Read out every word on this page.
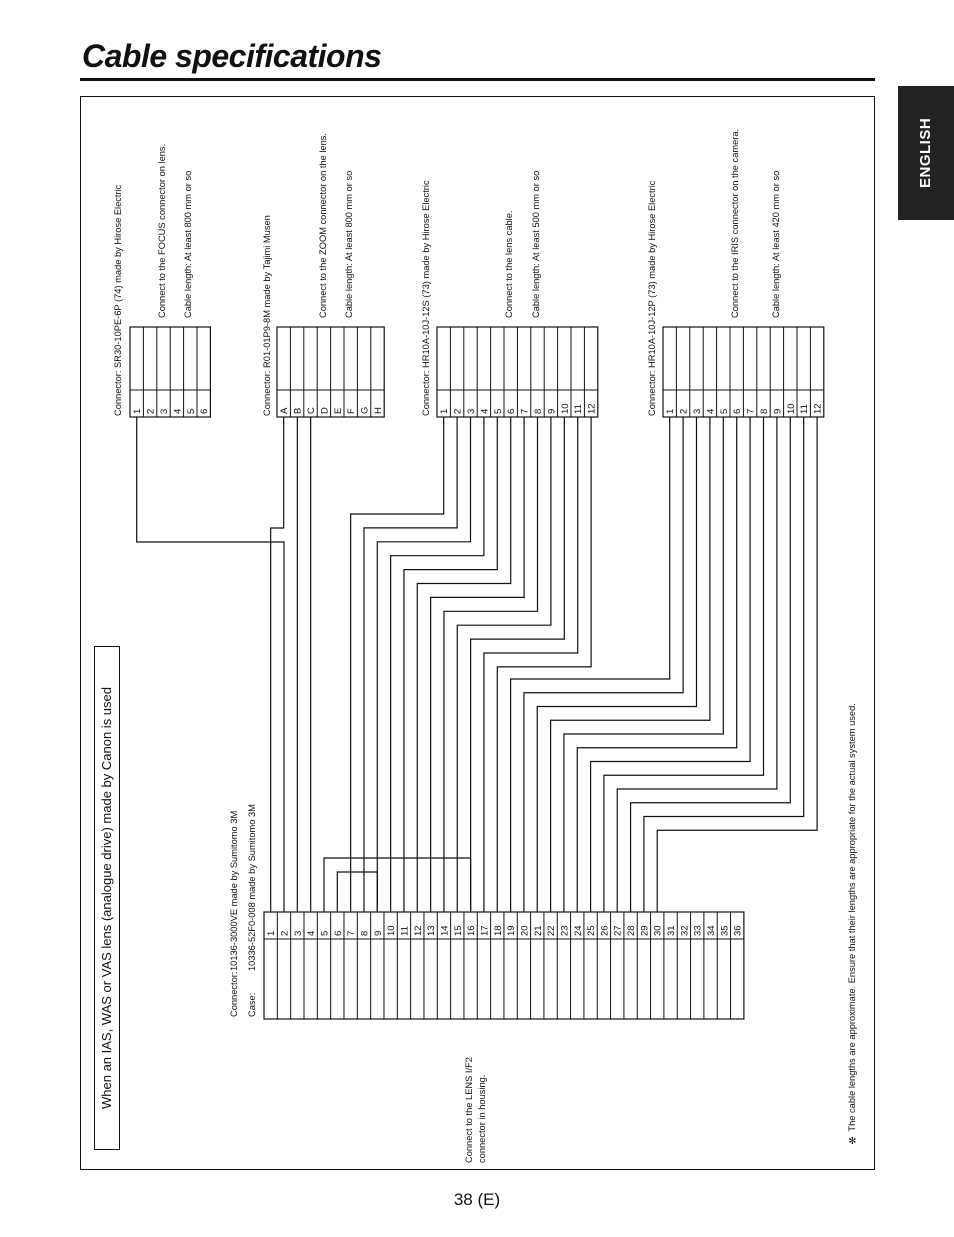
Cable specifications
ENGLISH
1 2 3 4 5 6	A B C D E F G H	1 2 3 4 5 6 7 8 9 10 11 12	1 2 3 4 5 6 7 8 9 10 11 12
1 2 3 4 5 6 7 8 9 10 11 12 13 14 15 16 17 18 19 20 21 22 23 24 25 26 27 28 29 30 31 32 33 34 35 36
Connector: SR30-10PE-6P (74) made by Hirose Electric	Connect to the FOCUS connector on lens. Cable length: At least 800 mm or so	Connector: R01-01P9-8M made by Tajimi Musen	Connect to the ZOOM connector on the lens. Cable length: At least 800 mm or so	Connector: HR10A-10J-12S (73) made by Hirose Electric	Connect to the lens cable. Cable length: At least 500 mm or so	Connector: HR10A-10J-12P (73) made by Hirose Electric	Connect to the IRIS connector on the camera.	Cable length: At least 420 mm or so
When an IAS, WAS or VAS lens (analogue drive) made by Canon is used	Connector:10136-3000VE made by Sumitomo 3M
Case:10336-52F0-008 made by Sumitomo 3M
Connect to the LENS I/F2 connector in housing.	✻ The cable lengths are approximate. Ensure that their lengths are appropriate for the actual system used.
38 (E)
